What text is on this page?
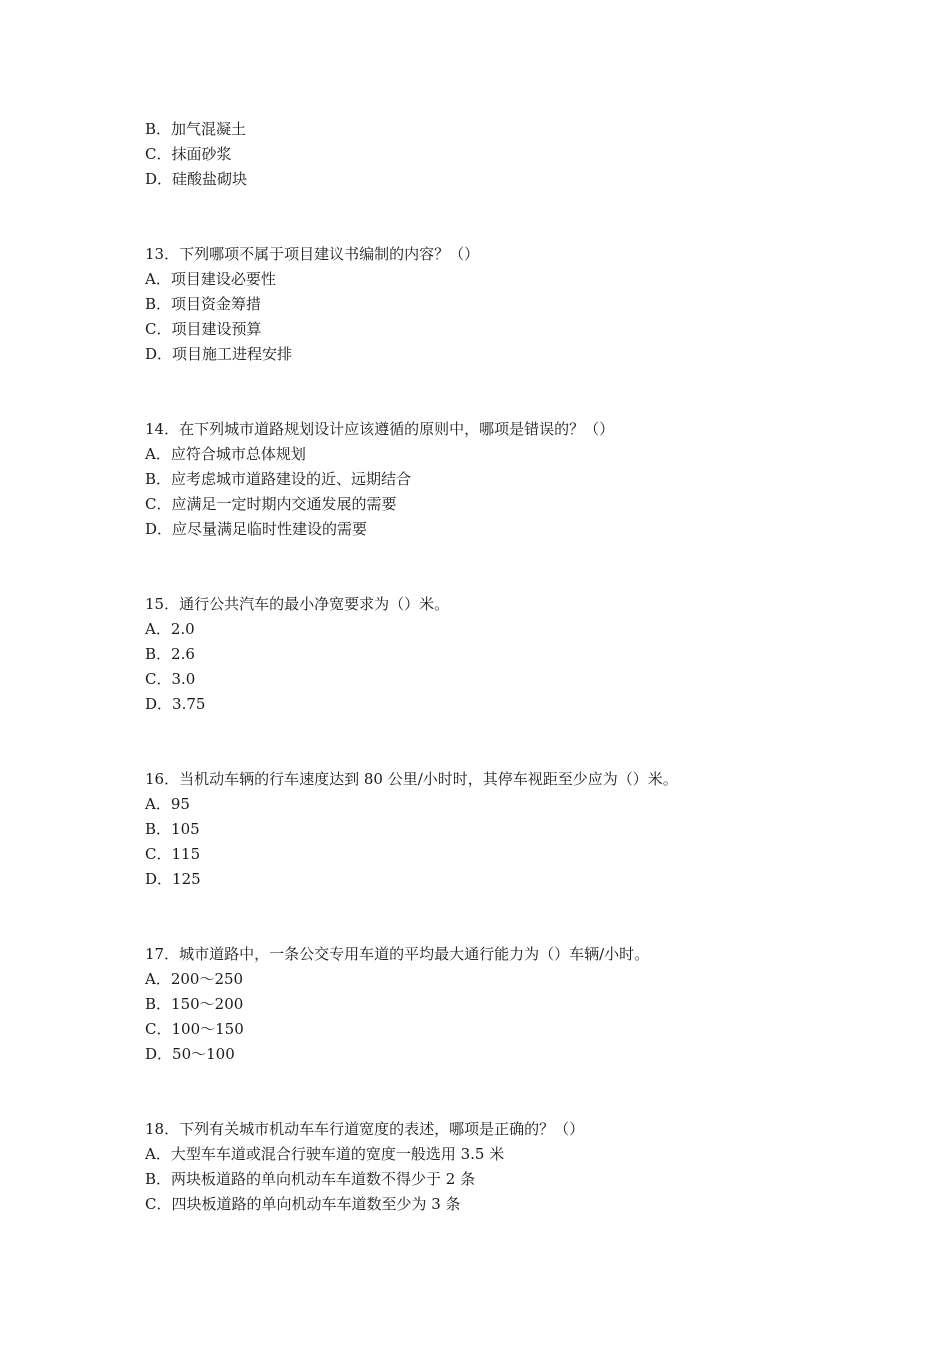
B．加气混凝土
C．抹面砂浆
D．硅酸盐砌块
13．下列哪项不属于项目建议书编制的内容？（）
A．项目建设必要性
B．项目资金筹措
C．项目建设预算
D．项目施工进程安排
14．在下列城市道路规划设计应该遵循的原则中，哪项是错误的？（）
A．应符合城市总体规划
B．应考虑城市道路建设的近、远期结合
C．应满足一定时期内交通发展的需要
D．应尽量满足临时性建设的需要
15．通行公共汽车的最小净宽要求为（）米。
A．2.0
B．2.6
C．3.0
D．3.75
16．当机动车辆的行车速度达到 80 公里/小时时，其停车视距至少应为（）米。
A．95
B．105
C．115
D．125
17．城市道路中，一条公交专用车道的平均最大通行能力为（）车辆/小时。
A．200～250
B．150～200
C．100～150
D．50～100
18．下列有关城市机动车车行道宽度的表述，哪项是正确的？（）
A．大型车车道或混合行驶车道的宽度一般选用 3.5 米
B．两块板道路的单向机动车车道数不得少于 2 条
C．四块板道路的单向机动车车道数至少为 3 条
